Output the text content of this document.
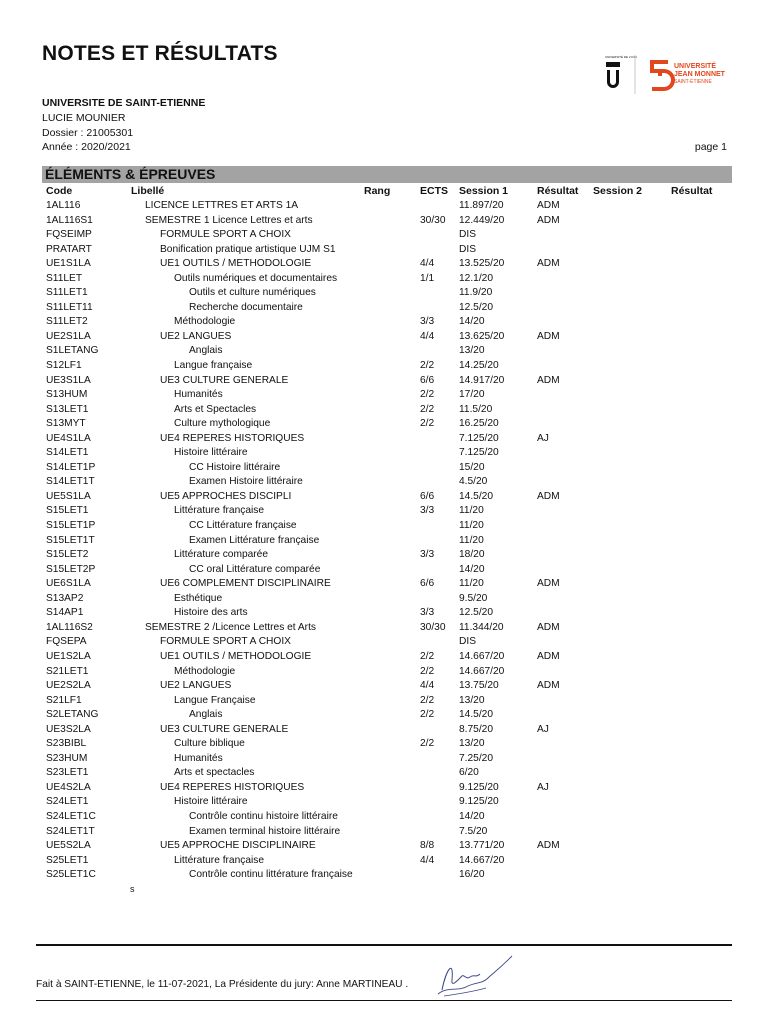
NOTES ET RÉSULTATS
UNIVERSITE DE SAINT-ETIENNE
LUCIE MOUNIER
Dossier : 21005301
Année : 2020/2021	page 1
UNIVERSITÉ DE LYON
UNIVERSITÉ
JEAN MONNET
SAINT-ÉTIENNE
ÉLÉMENTS & ÉPREUVES
Code	Libellé	Rang	ECTS Session 1	Résultat Session 2	Résultat
1AL116	LICENCE LETTRES ET ARTS 1A	11.897/20	ADM
1AL116S1	SEMESTRE 1 Licence Lettres et arts	30/30 12.449/20	ADM
FQSEIMP	FORMULE SPORT A CHOIX	DIS
PRATART	Bonification pratique artistique UJM S1	DIS
UE1S1LA	UE1 OUTILS / METHODOLOGIE	4/4 13.525/20	ADM
S11LET	Outils numériques et documentaires	1/1 12.1/20
S11LET1	Outils et culture numériques	11.9/20
S11LET11	Recherche documentaire	12.5/20
S11LET2	Méthodologie	3/3 14/20
UE2S1LA	UE2 LANGUES	4/4 13.625/20	ADM
S1LETANG	Anglais	13/20
S12LF1	Langue française	2/2 14.25/20
UE3S1LA	UE3 CULTURE GENERALE	6/6 14.917/20	ADM
S13HUM	Humanités	2/2 17/20
S13LET1	Arts et Spectacles	2/2 11.5/20
S13MYT	Culture mythologique	2/2 16.25/20
UE4S1LA	UE4 REPERES HISTORIQUES	7.125/20	AJ
S14LET1	Histoire littéraire	7.125/20
S14LET1P	CC Histoire littéraire	15/20
S14LET1T	Examen Histoire littéraire	4.5/20
UE5S1LA	UE5 APPROCHES DISCIPLI	6/6 14.5/20	ADM
S15LET1	Littérature française	3/3 11/20
S15LET1P	CC Littérature française	11/20
S15LET1T	Examen Littérature française	11/20
S15LET2	Littérature comparée	3/3 18/20
S15LET2P	CC oral Littérature comparée	14/20
UE6S1LA	UE6 COMPLEMENT DISCIPLINAIRE	6/6 11/20	ADM
S13AP2	Esthétique	9.5/20
S14AP1	Histoire des arts	3/3 12.5/20
1AL116S2	SEMESTRE 2 /Licence Lettres et Arts	30/30 11.344/20	ADM
FQSEPA	FORMULE SPORT A CHOIX	DIS
UE1S2LA	UE1 OUTILS / METHODOLOGIE	2/2 14.667/20	ADM
S21LET1	Méthodologie	2/2 14.667/20
UE2S2LA	UE2 LANGUES	4/4 13.75/20	ADM
S21LF1	Langue Française	2/2 13/20
S2LETANG	Anglais	2/2 14.5/20
UE3S2LA	UE3 CULTURE GENERALE	8.75/20	AJ
S23BIBL	Culture biblique	2/2 13/20
S23HUM	Humanités	7.25/20
S23LET1	Arts et spectacles	6/20
UE4S2LA	UE4 REPERES HISTORIQUES	9.125/20	AJ
S24LET1	Histoire littéraire	9.125/20
S24LET1C	Contrôle continu histoire littéraire	14/20
S24LET1T	Examen terminal histoire littéraire	7.5/20
UE5S2LA	UE5 APPROCHE DISCIPLINAIRE	8/8 13.771/20	ADM
S25LET1	Littérature française	4/4 14.667/20
S25LET1C	Contrôle continu littérature française	16/20
s
Fait à SAINT-ETIENNE, le 11-07-2021, La Présidente du jury: Anne MARTINEAU .
